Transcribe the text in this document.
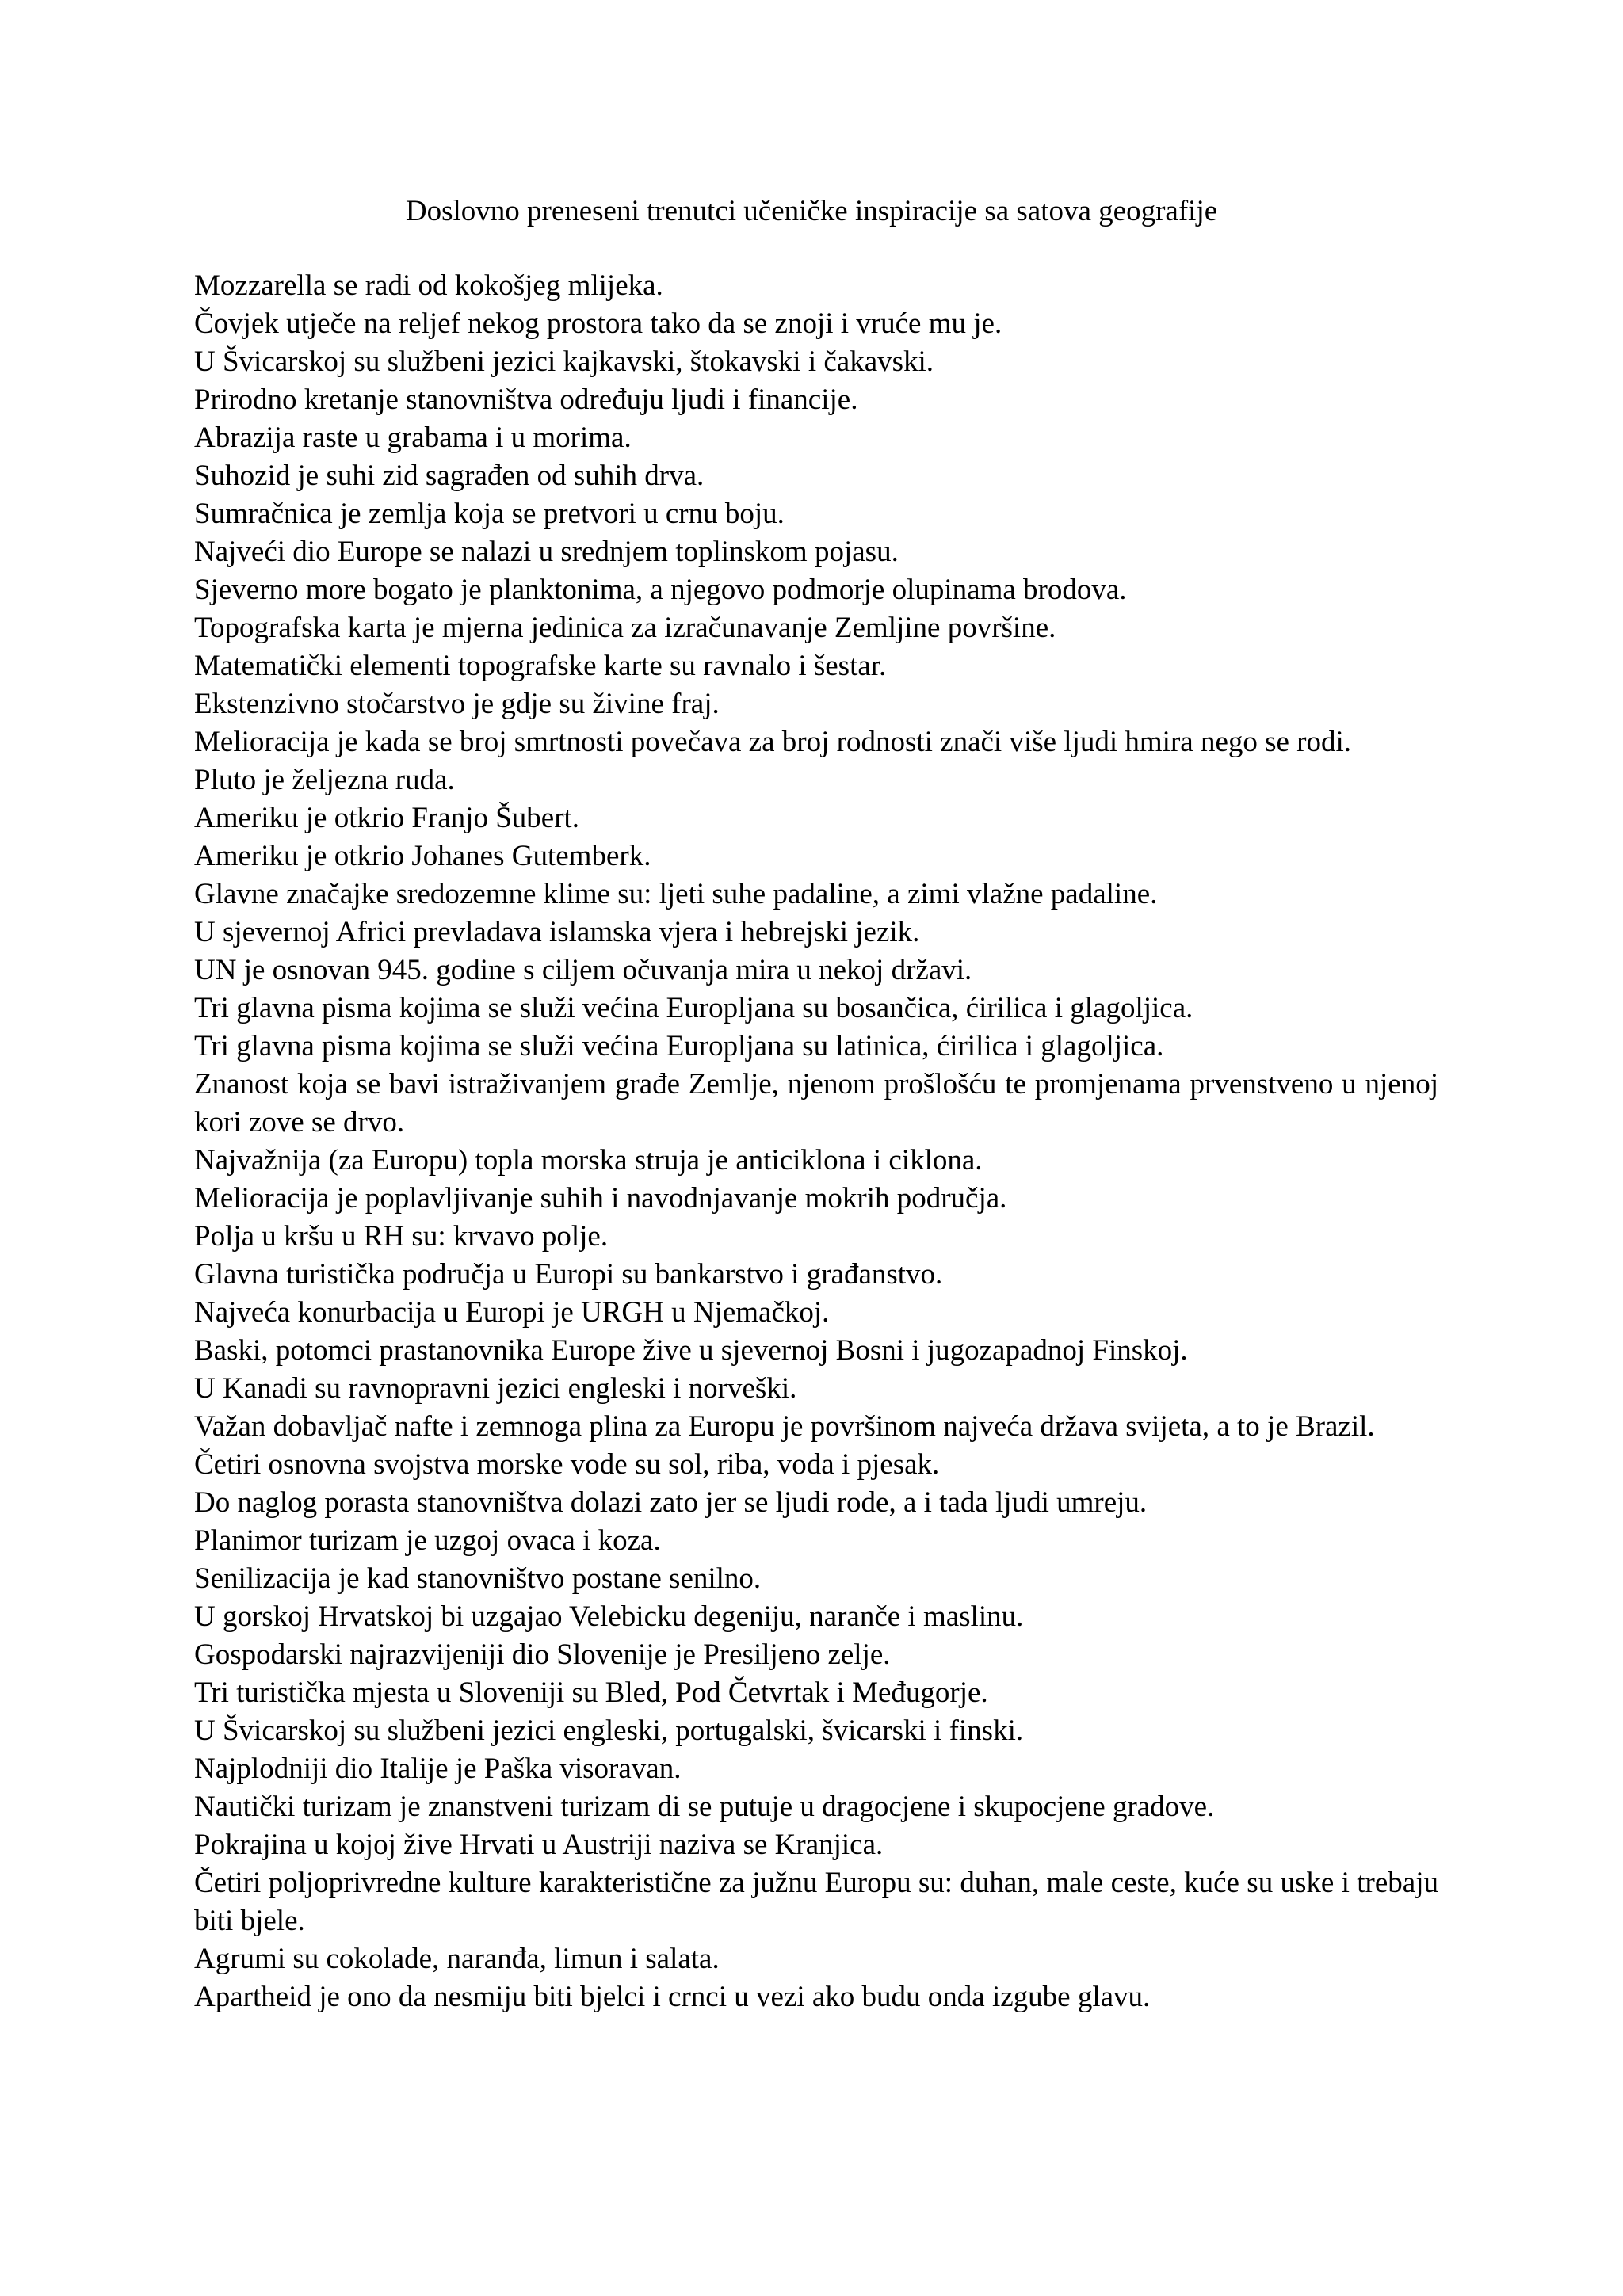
Doslovno preneseni trenutci učeničke inspiracije sa satova geografije
Mozzarella se radi od kokošjeg mlijeka.
Čovjek utječe na reljef nekog prostora tako da se znoji i vruće mu je.
U Švicarskoj su službeni jezici kajkavski, štokavski i čakavski.
Prirodno kretanje stanovništva određuju ljudi i financije.
Abrazija raste u grabama i u morima.
Suhozid je suhi zid sagrađen od suhih drva.
Sumračnica je zemlja koja se pretvori u crnu boju.
Najveći dio Europe se nalazi u srednjem toplinskom pojasu.
Sjeverno more bogato je planktonima, a njegovo podmorje olupinama brodova.
Topografska karta je mjerna jedinica za izračunavanje Zemljine površine.
Matematički elementi topografske karte su ravnalo i šestar.
Ekstenzivno stočarstvo je gdje su živine fraj.
Melioracija je kada se broj smrtnosti povečava za broj rodnosti znači više ljudi hmira nego se rodi.
Pluto je željezna ruda.
Ameriku je otkrio Franjo Šubert.
Ameriku je otkrio Johanes Gutemberk.
Glavne značajke sredozemne klime su: ljeti suhe padaline, a zimi vlažne padaline.
U sjevernoj Africi prevladava islamska vjera i hebrejski jezik.
UN je osnovan 945. godine s ciljem očuvanja mira u nekoj državi.
Tri glavna pisma kojima se služi većina Europljana su bosančica, ćirilica i glagoljica.
Tri glavna pisma kojima se služi većina Europljana su latinica, ćirilica i glagoljica.
Znanost koja se bavi istraživanjem građe Zemlje, njenom prošlošću te promjenama prvenstveno u njenoj kori zove se drvo.
Najvažnija (za Europu) topla morska struja je anticiklona i ciklona.
Melioracija je poplavljivanje suhih i navodnjavanje mokrih područja.
Polja u kršu u RH su: krvavo polje.
Glavna turistička područja u Europi su bankarstvo i građanstvo.
Najveća konurbacija u Europi je URGH u Njemačkoj.
Baski, potomci prastanovnika Europe žive u sjevernoj Bosni i jugozapadnoj Finskoj.
U Kanadi su ravnopravni jezici engleski i norveški.
Važan dobavljač nafte i zemnoga plina za Europu je površinom najveća država svijeta, a to je Brazil.
Četiri osnovna svojstva morske vode su sol, riba, voda i pjesak.
Do naglog porasta stanovništva dolazi zato jer se ljudi rode, a i tada ljudi umreju.
Planimor turizam je uzgoj ovaca i koza.
Senilizacija je kad stanovništvo postane senilno.
U gorskoj Hrvatskoj bi uzgajao Velebicku degeniju, naranče i maslinu.
Gospodarski najrazvijeniji dio Slovenije je Presiljeno zelje.
Tri turistička mjesta u Sloveniji su Bled, Pod Četvrtak i Međugorje.
U Švicarskoj su službeni jezici engleski, portugalski, švicarski i finski.
Najplodniji dio Italije je Paška visoravan.
Nautički turizam je znanstveni turizam di se putuje u dragocjene i skupocjene gradove.
Pokrajina u kojoj žive Hrvati u Austriji naziva se Kranjica.
Četiri poljoprivredne kulture karakteristične za južnu Europu su: duhan, male ceste, kuće su uske i trebaju biti bjele.
Agrumi su cokolade, naranđa, limun i salata.
Apartheid je ono da nesmiju biti bjelci i crnci u vezi ako budu onda izgube glavu.
